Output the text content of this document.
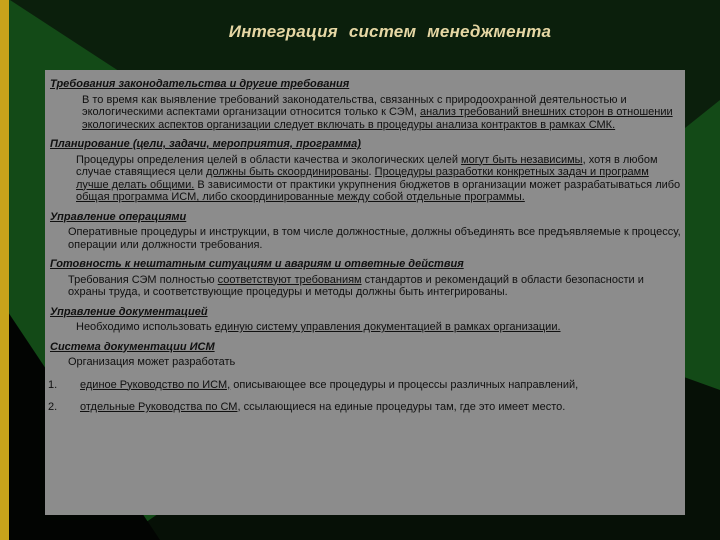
Интеграция систем менеджмента
Требования законодательства и другие требования
В то время как выявление требований законодательства, связанных с природоохранной деятельностью и экологическими аспектами организации относится только к СЭМ, анализ требований внешних сторон в отношении экологических аспектов организации следует включать в процедуры анализа контрактов в рамках СМК.
Планирование (цели, задачи, мероприятия, программа)
Процедуры определения целей в области качества и экологических целей могут быть независимы, хотя в любом случае ставящиеся цели должны быть скоординированы. Процедуры разработки конкретных задач и программ лучше делать общими. В зависимости от практики укрупнения бюджетов в организации может разрабатываться либо общая программа ИСМ, либо скоординированные между собой отдельные программы.
Управление операциями
Оперативные процедуры и инструкции, в том числе должностные, должны объединять все предъявляемые к процессу, операции или должности требования.
Готовность к нештатным ситуациям и авариям и ответные действия
Требования СЭМ полностью соответствуют требованиям стандартов и рекомендаций в области безопасности и охраны труда, и соответствующие процедуры и методы должны быть интегрированы.
Управление документацией
Необходимо использовать единую систему управления документацией в рамках организации.
Система документации ИСМ
Организация может разработать
1.	единое Руководство по ИСМ, описывающее все процедуры и процессы различных направлений,
2.	отдельные Руководства по СМ, ссылающиеся на единые процедуры там, где это имеет место.
